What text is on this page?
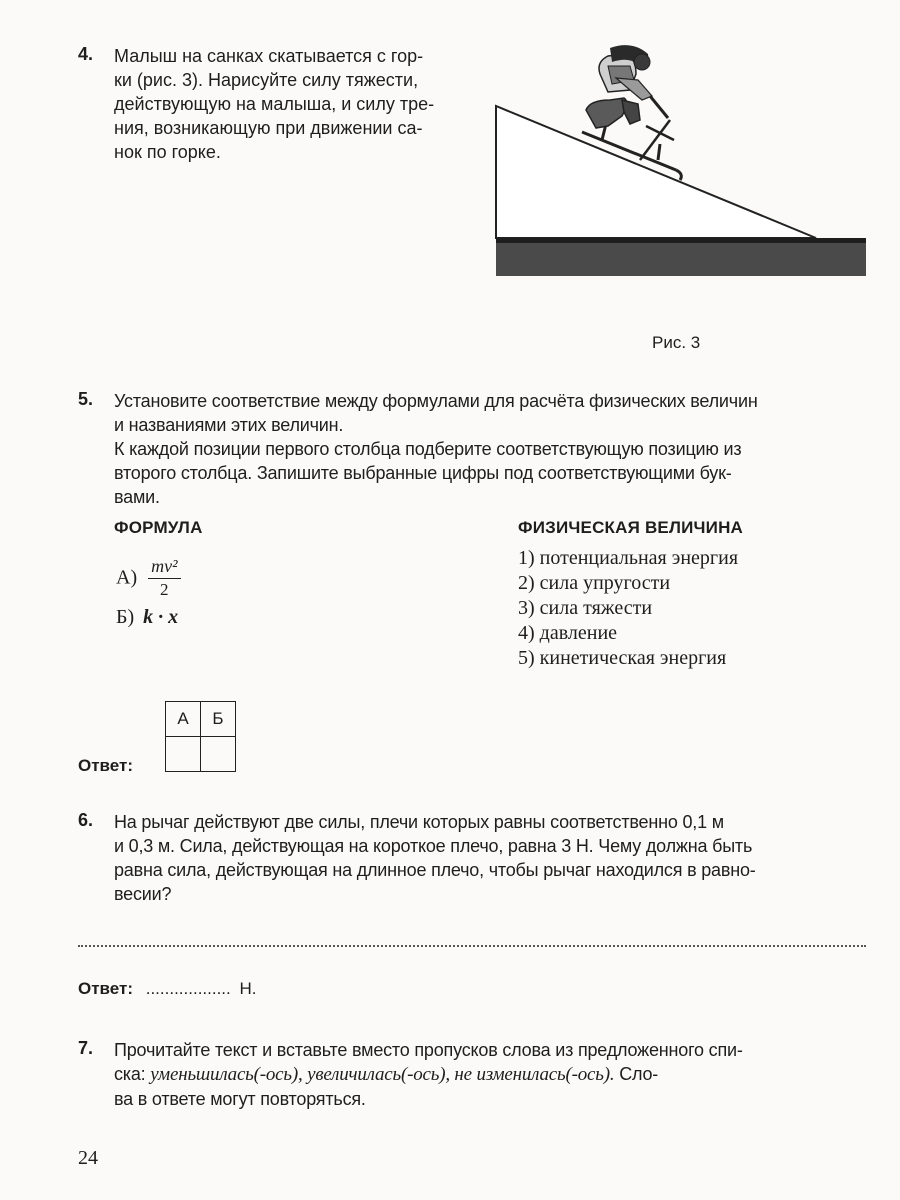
4. Малыш на санках скатывается с гор-

ки (рис. 3). Нарисуйте силу тяжести,

действующую на малыша, и силу тре-

ния, возникающую при движении са-

нок по горке.

Рис. 3
5. Установите соответствие между формулами для расчёта физических величин

и названиями этих величин.

К каждой позиции первого столбца подберите соответствующую позицию из

второго столбца. Запишите выбранные цифры под соответствующими бук-

вами.

ФОРМУЛА	ФИЗИЧЕСКАЯ ВЕЛИЧИНА
$А) \frac{\text{mv²}}{2}$
Б) k · x
1) потенциальная энергия
2) сила упругости
3) сила тяжести
4) давление
5) кинетическая энергия
Ответ:
А	Б

6. На рычаг действуют две силы, плечи которых равны соответственно 0,1 м

и 0,3 м. Сила, действующая на короткое плечо, равна 3 Н. Чему должна быть

равна сила, действующая на длинное плечо, чтобы рычаг находился в равно-

весии?

Ответ: .................. Н.
7. Прочитайте текст и вставьте вместо пропусков слова из предложенного спи-

ска: уменьшилась(-ось), увеличилась(-ось), не изменилась(-ось). Сло-

ва в ответе могут повторяться.

24
